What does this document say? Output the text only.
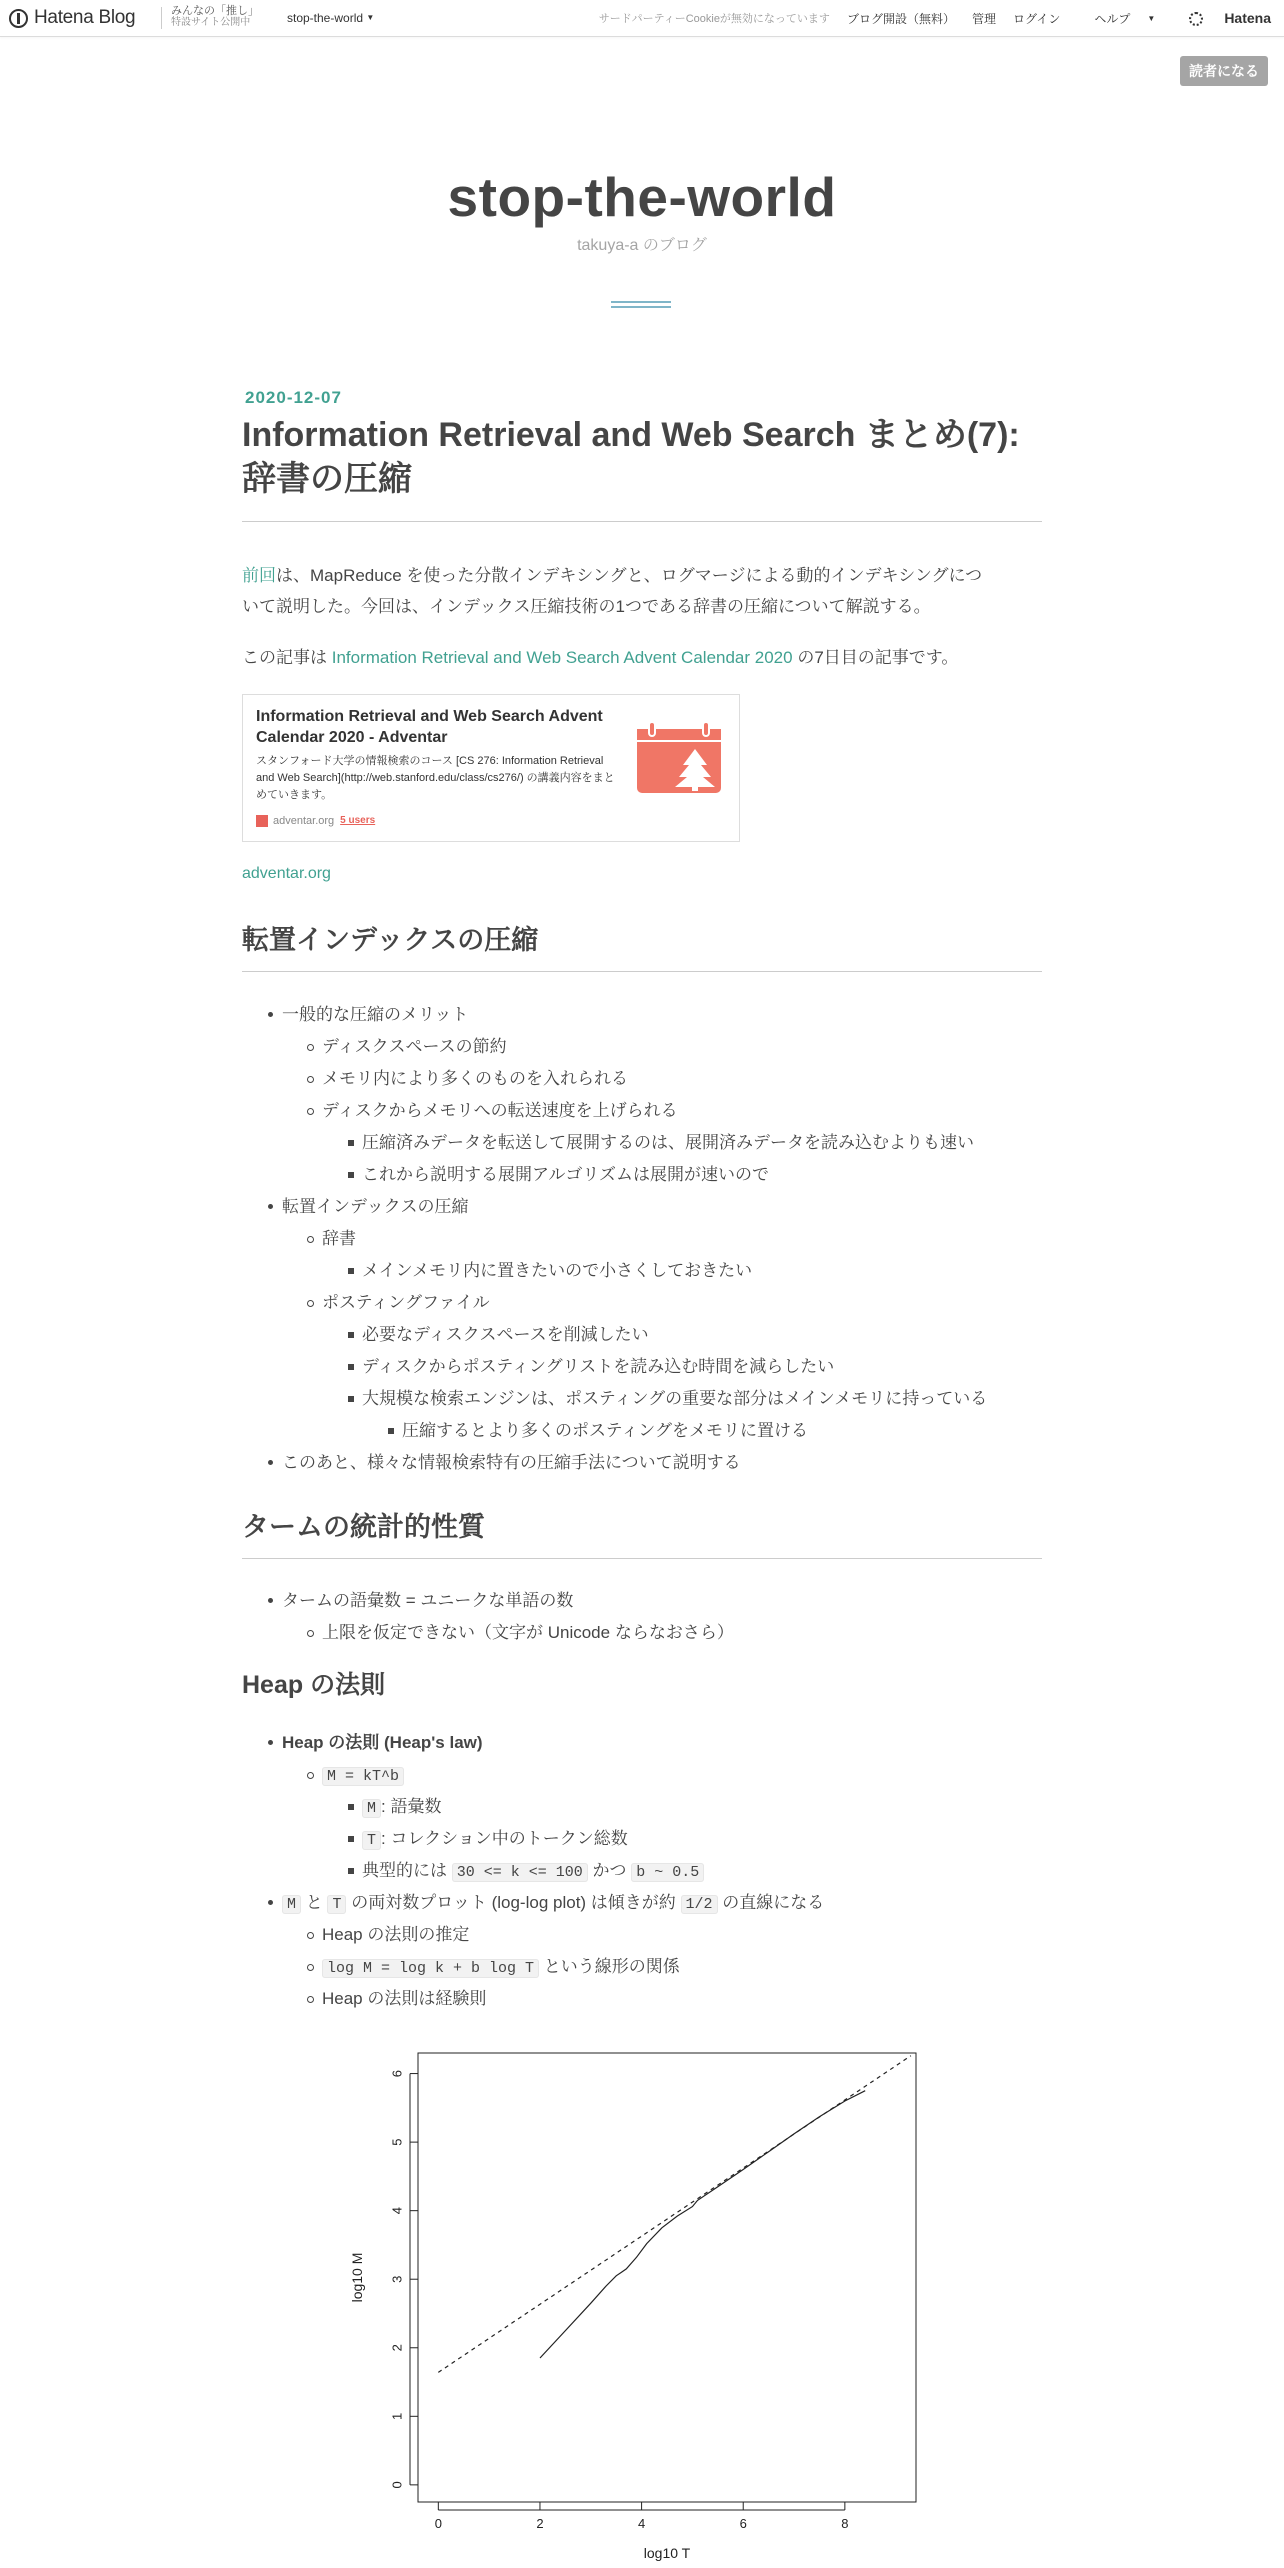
Hatena Blog	みんなの「推し」
特設サイト公開中	stop-the-world ▼	サードパーティーCookieが無効になっています ブログ開設（無料） 管理 ログイン	ヘルプ ▼	Hatena
読者になる
stop-the-world
takuya-a のブログ
2020-12-07
Information Retrieval and Web Search まとめ(7):
辞書の圧縮
前回は、MapReduce を使った分散インデキシングと、ログマージによる動的インデキシングにつ
いて説明した。今回は、インデックス圧縮技術の1つである辞書の圧縮について解説する。
この記事は Information Retrieval and Web Search Advent Calendar 2020 の7日目の記事です。
Information Retrieval and Web Search Advent Calendar 2020 - Adventar
スタンフォード大学の情報検索のコース [CS 276: Information Retrieval and Web Search](http://web.stanford.edu/class/cs276/) の講義内容をまとめていきます。
adventar.org 5 users
adventar.org
転置インデックスの圧縮
一般的な圧縮のメリット
ディスクスペースの節約
メモリ内により多くのものを入れられる
ディスクからメモリへの転送速度を上げられる
圧縮済みデータを転送して展開するのは、展開済みデータを読み込むよりも速い
これから説明する展開アルゴリズムは展開が速いので
転置インデックスの圧縮
辞書
メインメモリ内に置きたいので小さくしておきたい
ポスティングファイル
必要なディスクスペースを削減したい
ディスクからポスティングリストを読み込む時間を減らしたい
大規模な検索エンジンは、ポスティングの重要な部分はメインメモリに持っている
圧縮するとより多くのポスティングをメモリに置ける
このあと、様々な情報検索特有の圧縮手法について説明する
タームの統計的性質
タームの語彙数 = ユニークな単語の数
上限を仮定できない（文字が Unicode ならなおさら）
Heap の法則
Heap の法則 (Heap's law)
M = kT^b
M : 語彙数
T : コレクション中のトークン総数
典型的には 30 <= k <= 100 かつ b ~ 0.5
M と T の両対数プロット (log-log plot) は傾きが約 1/2 の直線になる
Heap の法則の推定
log M = log k + b log T という線形の関係
Heap の法則は経験則
0	2	4	6	8
0
1
2
3
4
5
6
log10 T
log10 M
